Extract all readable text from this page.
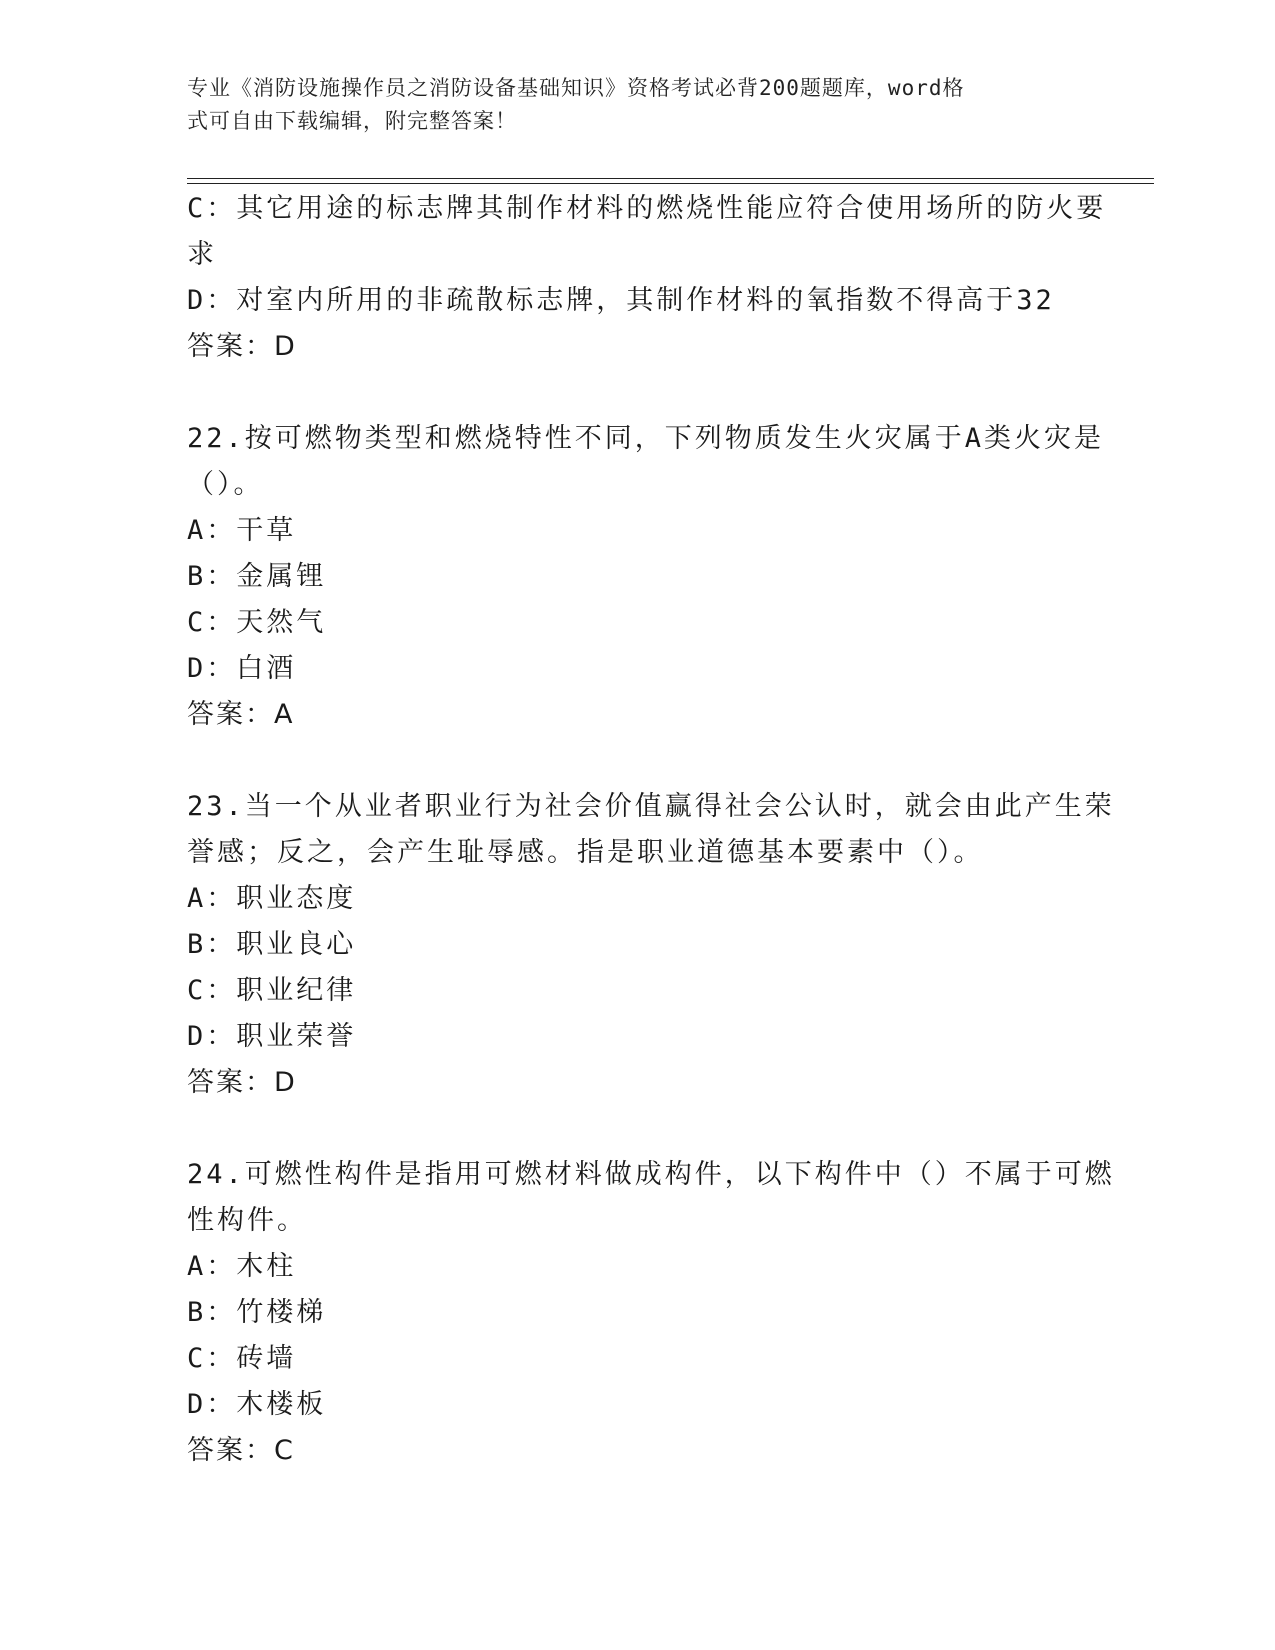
专业《消防设施操作员之消防设备基础知识》资格考试必背200题题库，word格
式可自由下载编辑，附完整答案！
C：其它用途的标志牌其制作材料的燃烧性能应符合使用场所的防火要
求
D：对室内所用的非疏散标志牌，其制作材料的氧指数不得高于32
答案：D
22.按可燃物类型和燃烧特性不同，下列物质发生火灾属于A类火灾是
（）。
A：干草
B：金属锂
C：天然气
D：白酒
答案：A
23.当一个从业者职业行为社会价值赢得社会公认时，就会由此产生荣
誉感；反之，会产生耻辱感。指是职业道德基本要素中（）。
A：职业态度
B：职业良心
C：职业纪律
D：职业荣誉
答案：D
24.可燃性构件是指用可燃材料做成构件，以下构件中（）不属于可燃
性构件。
A：木柱
B：竹楼梯
C：砖墙
D：木楼板
答案：C
